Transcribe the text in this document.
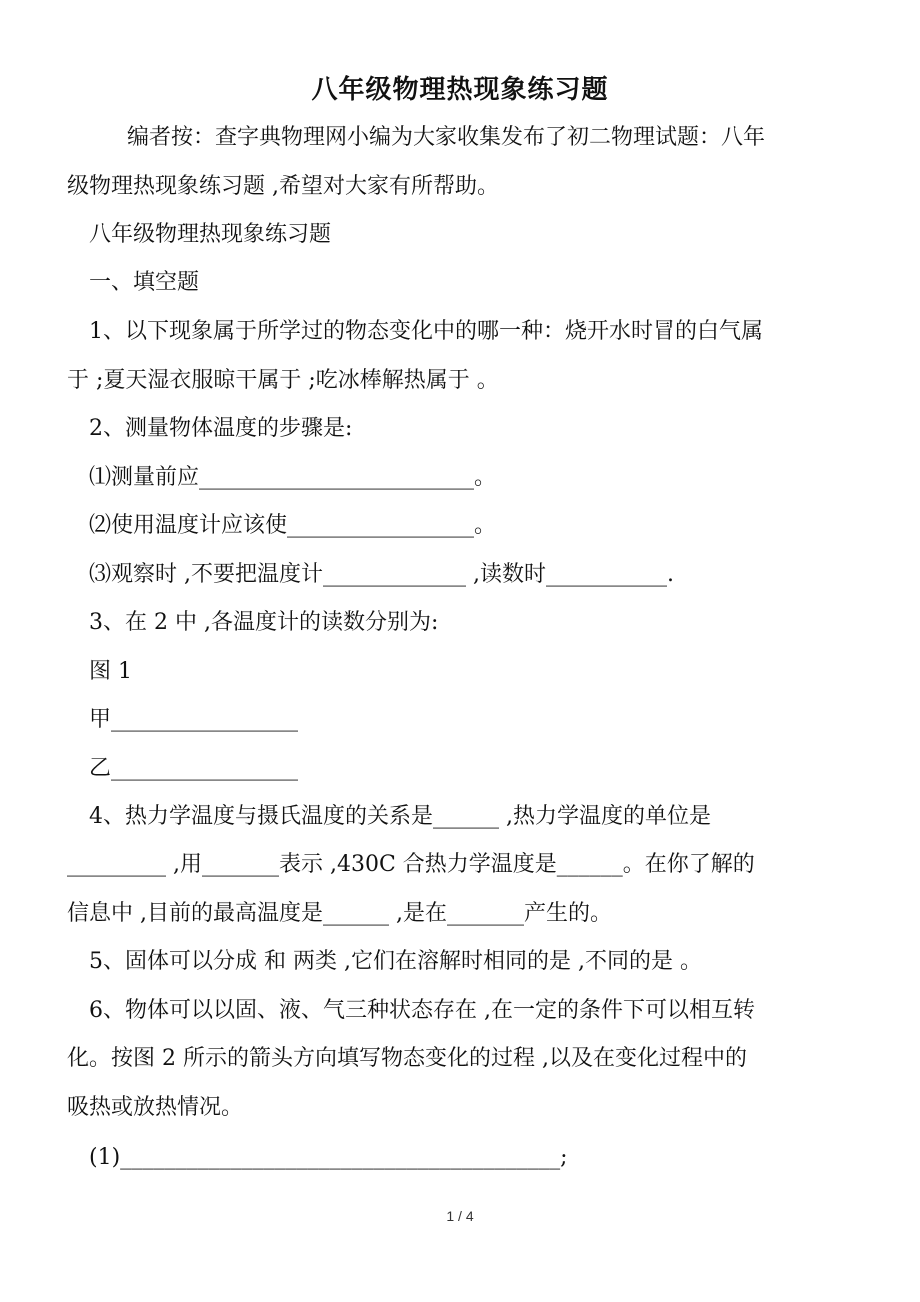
八年级物理热现象练习题
编者按：查字典物理网小编为大家收集发布了初二物理试题：八年
级物理热现象练习题 ,希望对大家有所帮助。
八年级物理热现象练习题
一、填空题
1、以下现象属于所学过的物态变化中的哪一种：烧开水时冒的白气属
于 ;夏天湿衣服晾干属于 ;吃冰棒解热属于 。
2、测量物体温度的步骤是:
⑴测量前应_________________________。
⑵使用温度计应该使_________________。
⑶观察时 ,不要把温度计_____________ ,读数时___________.
3、在 2 中 ,各温度计的读数分别为:
图 1
甲_________________
乙_________________
4、热力学温度与摄氏温度的关系是______ ,热力学温度的单位是
_________ ,用_______表示 ,430C 合热力学温度是______。在你了解的
信息中 ,目前的最高温度是______ ,是在_______产生的。
5、固体可以分成 和 两类 ,它们在溶解时相同的是 ,不同的是 。
6、物体可以以固、液、气三种状态存在 ,在一定的条件下可以相互转
化。按图 2 所示的箭头方向填写物态变化的过程 ,以及在变化过程中的
吸热或放热情况。
(1)________________________________________;
1 / 4
